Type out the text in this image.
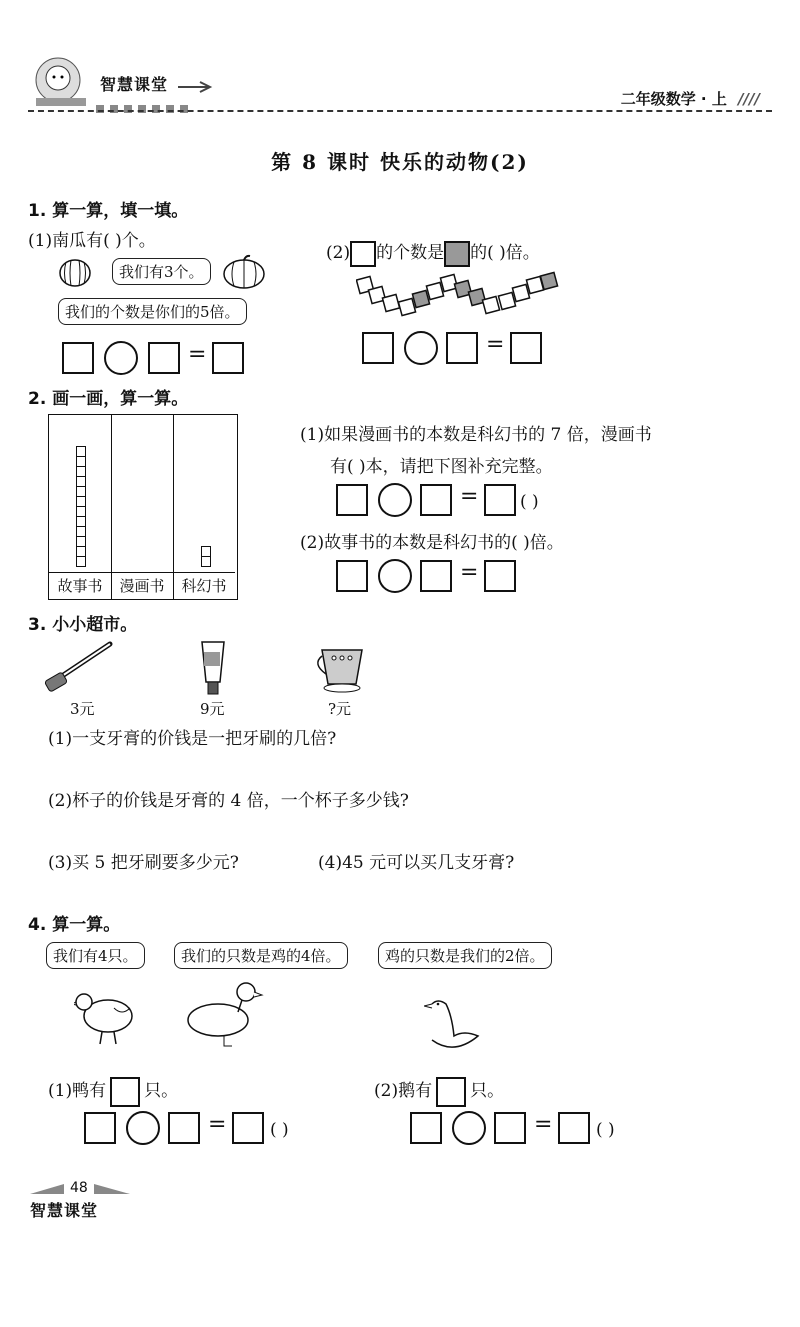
智慧课堂
二年级数学 · 上 ////
第 8 课时 快乐的动物(2)
1. 算一算，填一填。
(1)南瓜有( )个。
我们有3个。
我们的个数是你们的5倍。
=
(2) 的个数是 的( )倍。
=
2. 画一画，算一算。
故事书	漫画书	科幻书
(1)如果漫画书的本数是科幻书的 7 倍，漫画书
有( )本，请把下图补充完整。
= ( )
(2)故事书的本数是科幻书的( )倍。
=
3. 小小超市。
3元	9元	?元
(1)一支牙膏的价钱是一把牙刷的几倍?
(2)杯子的价钱是牙膏的 4 倍，一个杯子多少钱?
(3)买 5 把牙刷要多少元?	(4)45 元可以买几支牙膏?
4. 算一算。
我们有4只。	我们的只数是鸡的4倍。	鸡的只数是我们的2倍。
(1)鸭有 只。	(2)鹅有 只。
=	( )	=	( )
48
智慧课堂
